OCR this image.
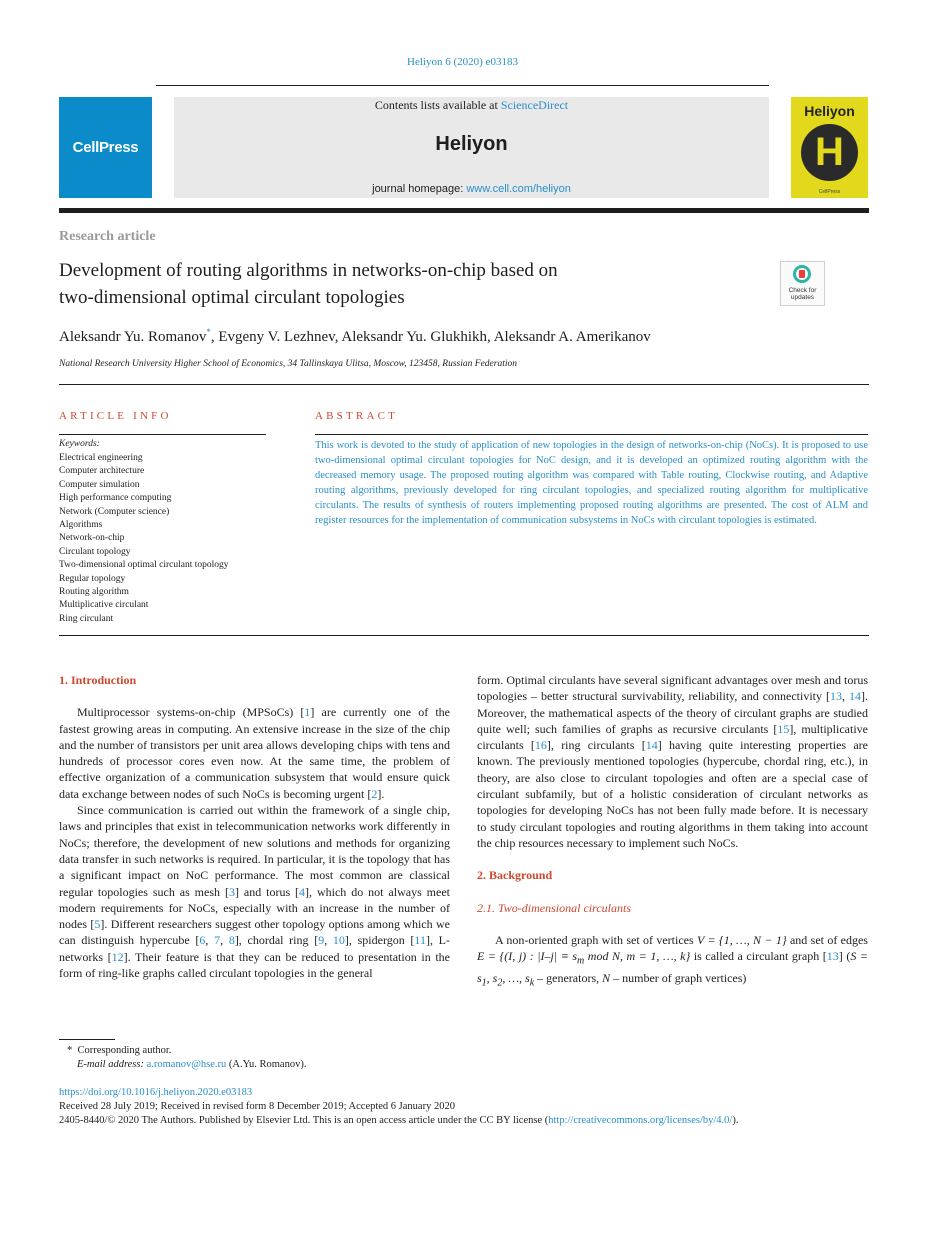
Heliyon 6 (2020) e03183
CellPress
Contents lists available at ScienceDirect
Heliyon
journal homepage: www.cell.com/heliyon
Heliyon
H
CellPress
Research article
Development of routing algorithms in networks-on-chip based on
two-dimensional optimal circulant topologies	Check for updates
Aleksandr Yu. Romanov*, Evgeny V. Lezhnev, Aleksandr Yu. Glukhikh, Aleksandr A. Amerikanov
National Research University Higher School of Economics, 34 Tallinskaya Ulitsa, Moscow, 123458, Russian Federation
ARTICLE INFO
Keywords:
Electrical engineering
Computer architecture
Computer simulation
High performance computing
Network (Computer science)
Algorithms
Network-on-chip
Circulant topology
Two-dimensional optimal circulant topology
Regular topology
Routing algorithm
Multiplicative circulant
Ring circulant
ABSTRACT
This work is devoted to the study of application of new topologies in the design of networks-on-chip (NoCs). It is proposed to use two-dimensional optimal circulant topologies for NoC design, and it is developed an optimized routing algorithm with the decreased memory usage. The proposed routing algorithm was compared with Table routing, Clockwise routing, and Adaptive routing algorithms, previously developed for ring circulant topologies, and specialized routing algorithm for multiplicative circulants. The results of synthesis of routers implementing proposed routing algorithms are presented. The cost of ALM and register resources for the implementation of communication subsystems in NoCs with circulant topologies is estimated.

1. Introduction

Multiprocessor systems-on-chip (MPSoCs) [1] are currently one of the fastest growing areas in computing. An extensive increase in the size of the chip and the number of transistors per unit area allows developing chips with tens and hundreds of processor cores even now. At the same time, the problem of effective organization of a communication subsystem that would ensure quick data exchange between nodes of such NoCs is becoming urgent [2].

Since communication is carried out within the framework of a single chip, laws and principles that exist in telecommunication networks work differently in NoCs; therefore, the development of new solutions and methods for organizing data transfer in such networks is required. In particular, it is the topology that has a significant impact on NoC performance. The most common are classical regular topologies such as mesh [3] and torus [4], which do not always meet modern requirements for NoCs, especially with an increase in the number of nodes [5]. Different researchers suggest other topology options among which we can distinguish hypercube [6, 7, 8], chordal ring [9, 10], spidergon [11], L-networks [12]. Their feature is that they can be reduced to presentation in the form of ring-like graphs called circulant topologies in the general

form. Optimal circulants have several significant advantages over mesh and torus topologies – better structural survivability, reliability, and connectivity [13, 14]. Moreover, the mathematical aspects of the theory of circulant graphs are studied quite well; such families of graphs as recursive circulants [15], multiplicative circulants [16], ring circulants [14] having quite interesting properties are known. The previously mentioned topologies (hypercube, chordal ring, etc.), in theory, are also close to circulant topologies and often are a special case of circulant subfamily, but of a holistic consideration of circulant networks as topologies for developing NoCs has not been fully made before. It is necessary to study circulant topologies and routing algorithms in them taking into account the chip resources necessary to implement such NoCs.

2. Background

2.1. Two-dimensional circulants

A non-oriented graph with set of vertices V = {1, …, N − 1} and set of edges E = {(I, j) : $|I-j| \equiv s_m$ mod N, m = 1, …, k} is called a circulant graph [13] ($S = s_1$, $s_2$, …, $s_k$ – generators, N – number of graph vertices)

* Corresponding author.
E-mail address: a.romanov@hse.ru (A.Yu. Romanov).
https://doi.org/10.1016/j.heliyon.2020.e03183
Received 28 July 2019; Received in revised form 8 December 2019; Accepted 6 January 2020
2405-8440/© 2020 The Authors. Published by Elsevier Ltd. This is an open access article under the CC BY license (http://creativecommons.org/licenses/by/4.0/).
